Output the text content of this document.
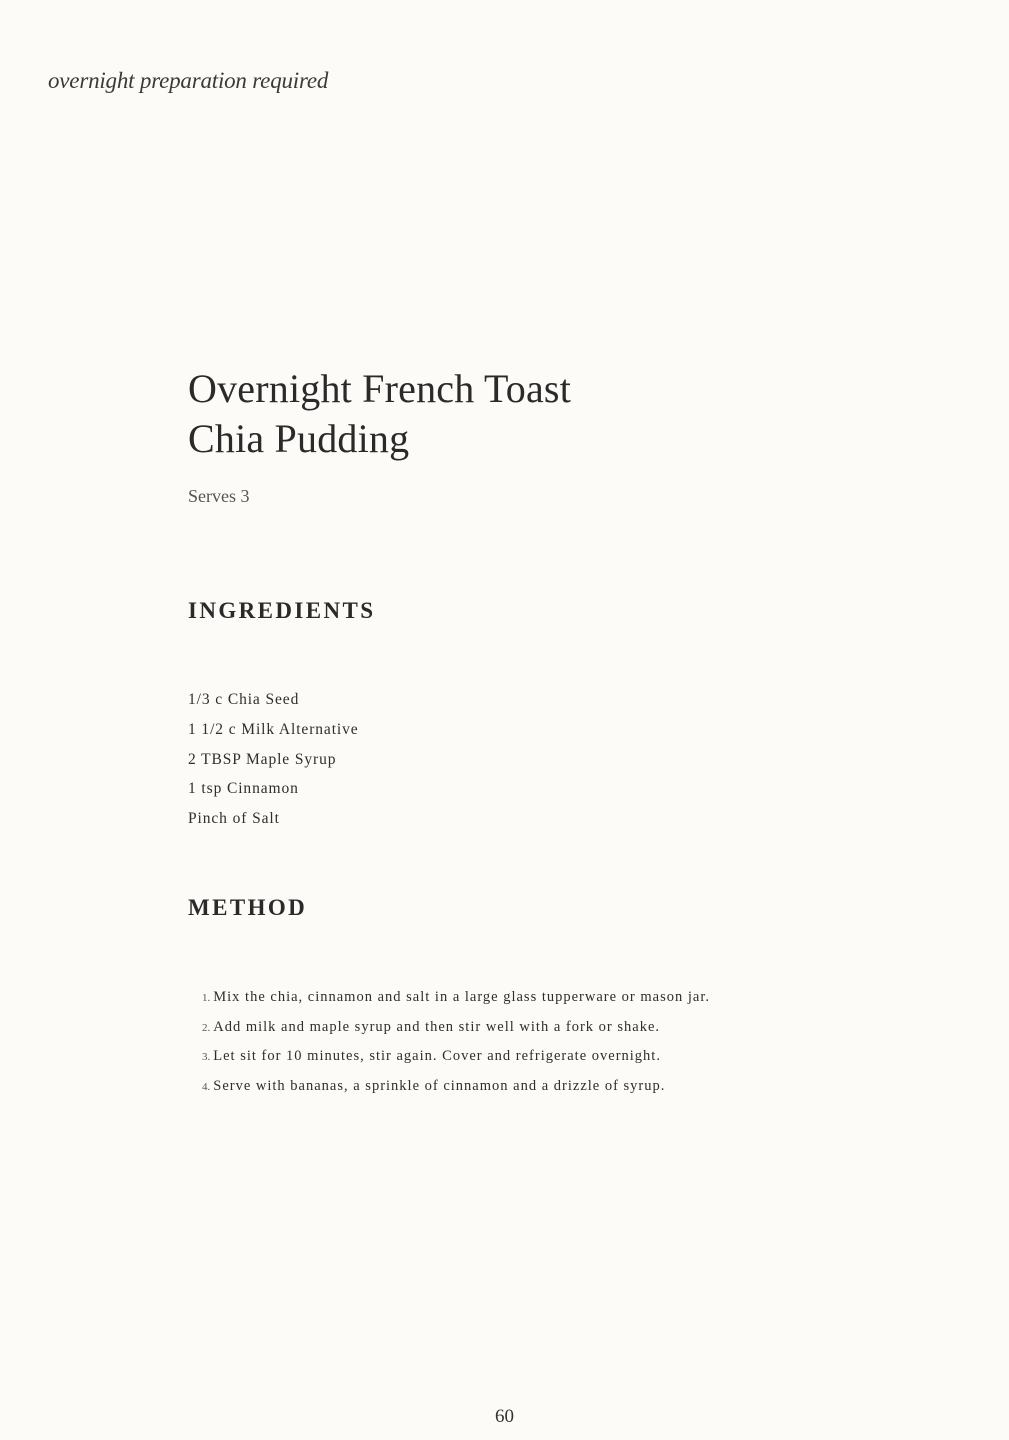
overnight preparation required
Overnight French Toast
Chia Pudding
Serves 3
INGREDIENTS
1/3 c Chia Seed
1 1/2 c Milk Alternative
2 TBSP Maple Syrup
1 tsp Cinnamon
Pinch of Salt
METHOD
1. Mix the chia, cinnamon and salt in a large glass tupperware or mason jar.
2. Add milk and maple syrup and then stir well with a fork or shake.
3. Let sit for 10 minutes, stir again. Cover and refrigerate overnight.
4. Serve with bananas, a sprinkle of cinnamon and a drizzle of syrup.
60
